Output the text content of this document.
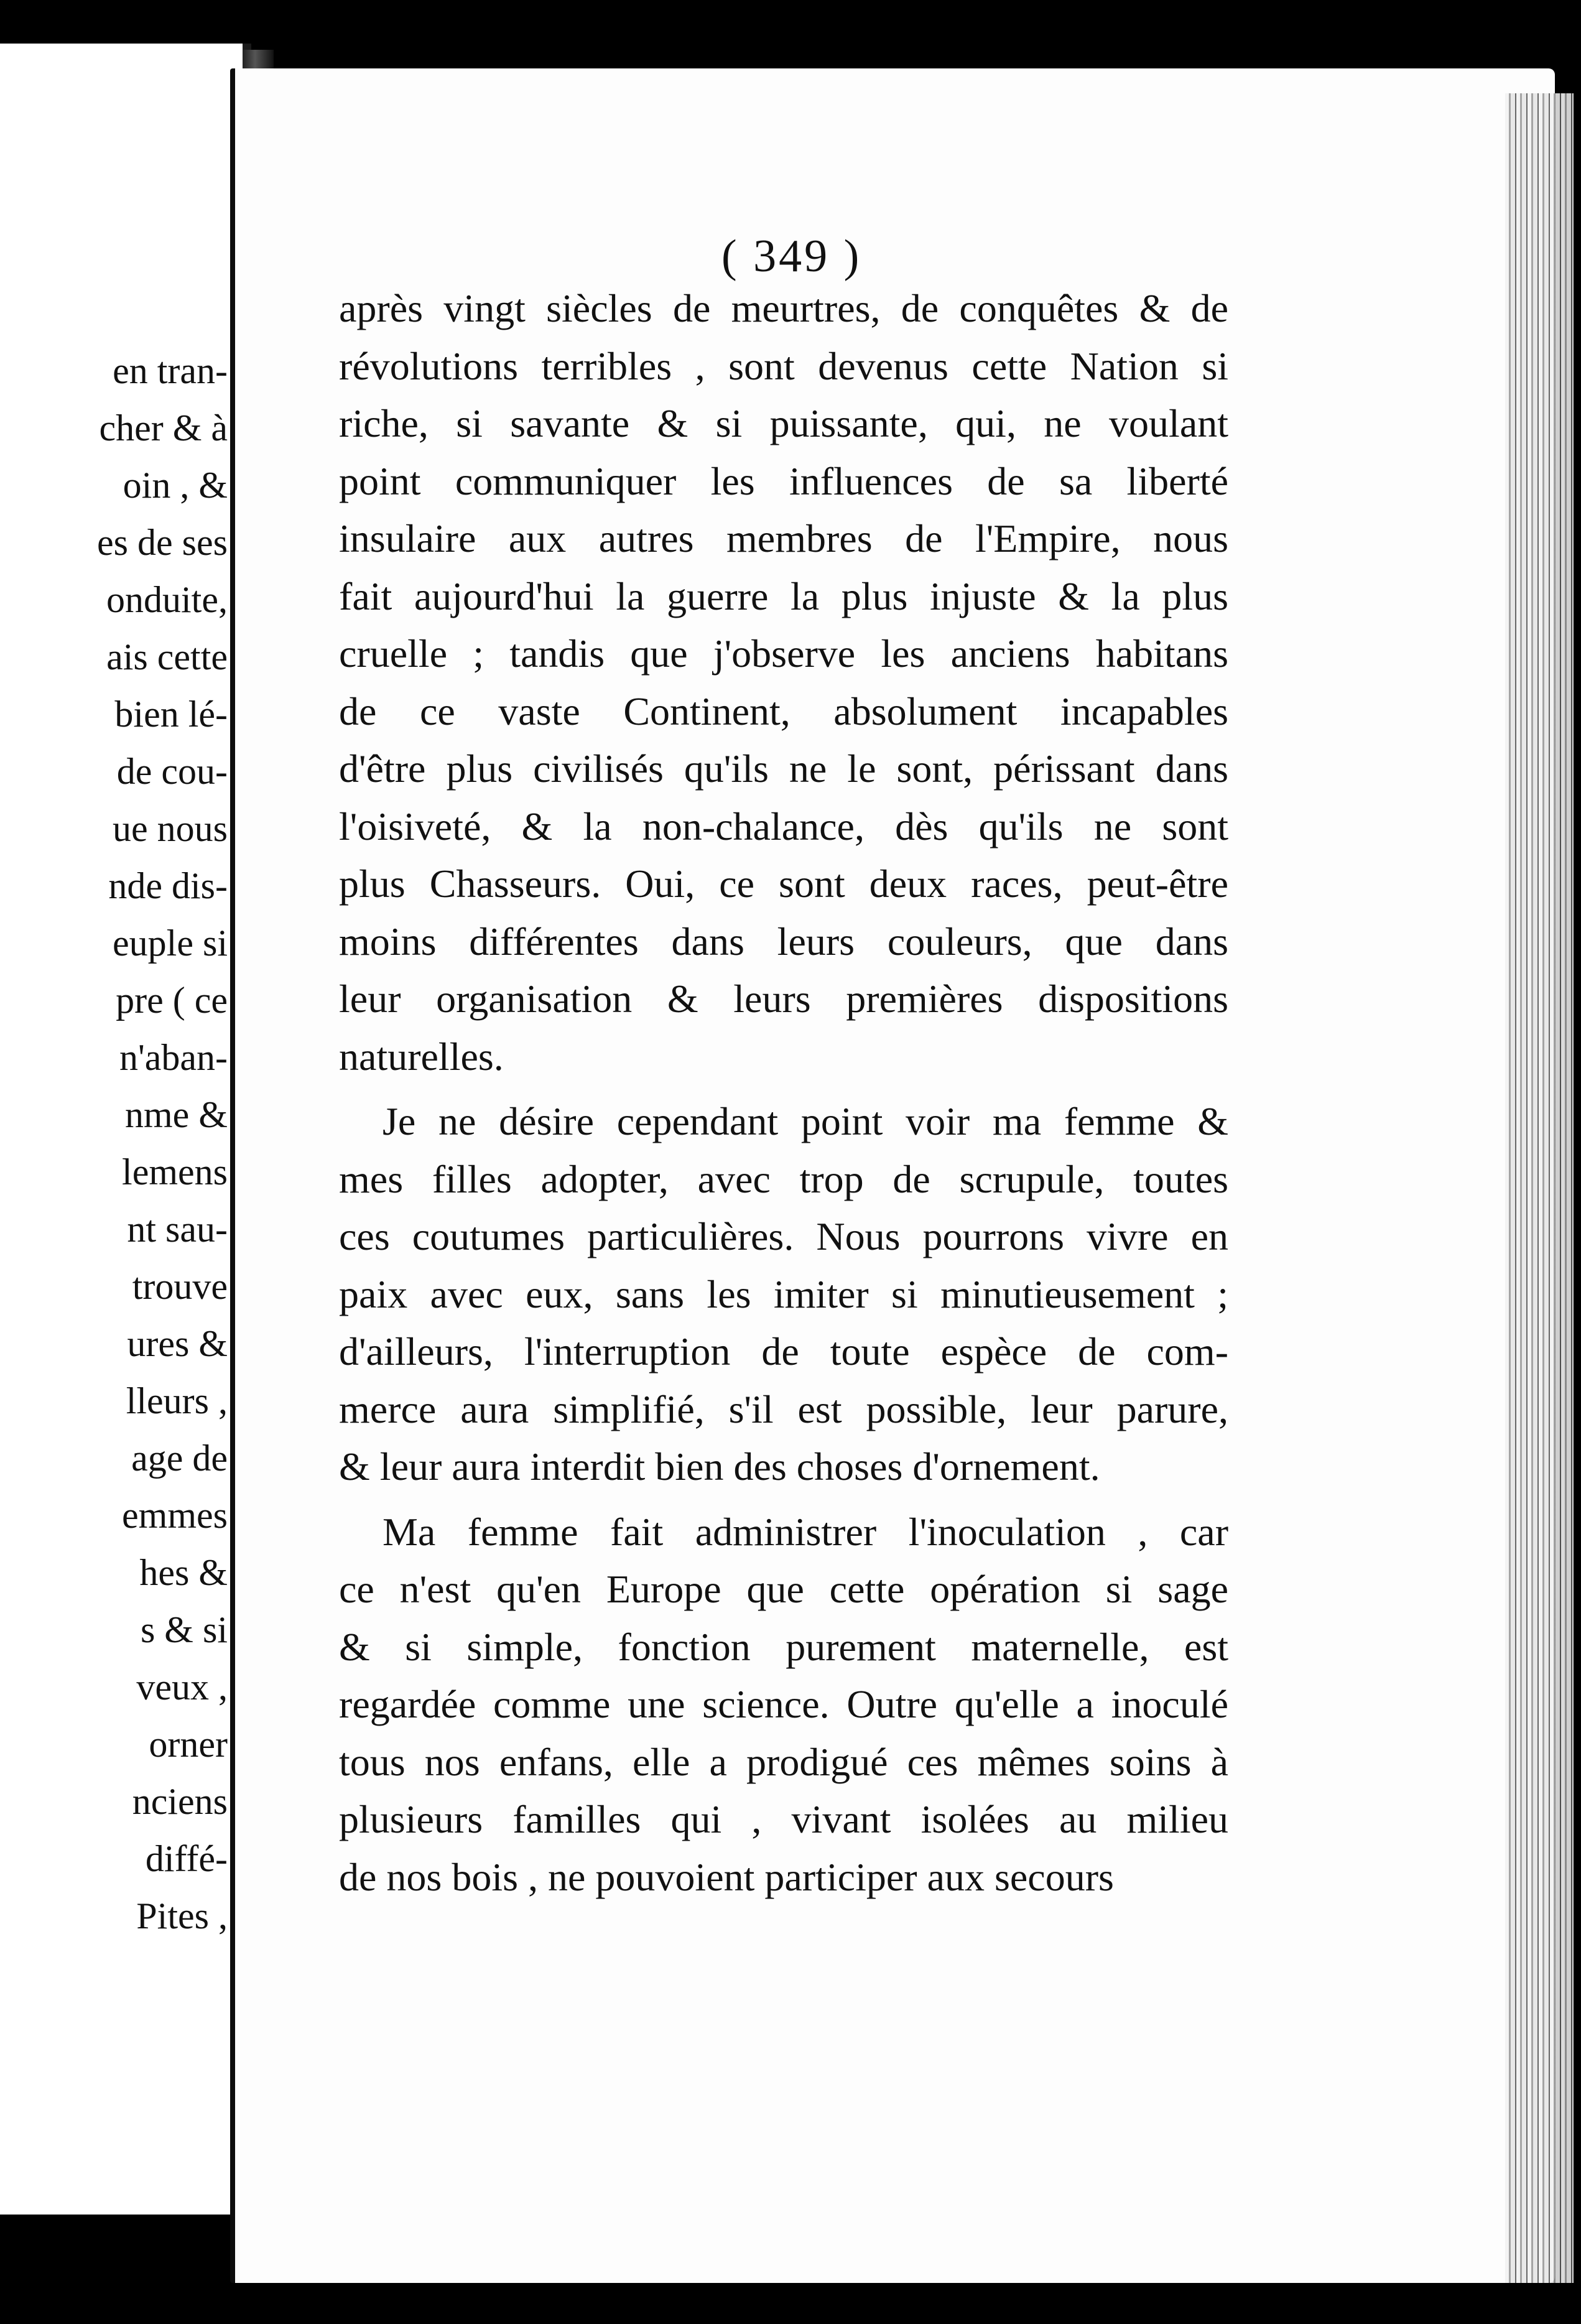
en tran-
cher & à
oin , &
es de ses
onduite,
ais cette
bien lé-
de cou-
ue nous
nde dis-
euple si
pre ( ce
n'aban-
nme &
lemens
nt sau-
trouve
ures &
lleurs ,
age de
emmes
hes &
s & si
veux ,
orner
nciens
diffé-
Pites ,
( 349 )
après vingt siècles de meurtres, de conquêtes & de
révolutions terribles , sont devenus cette Nation si
riche, si savante & si puissante, qui, ne voulant
point communiquer les influences de sa liberté
insulaire aux autres membres de l'Empire, nous
fait aujourd'hui la guerre la plus injuste & la plus
cruelle ; tandis que j'observe les anciens habitans
de ce vaste Continent, absolument incapables
d'être plus civilisés qu'ils ne le sont, périssant dans
l'oisiveté, & la non-chalance, dès qu'ils ne sont
plus Chasseurs. Oui, ce sont deux races, peut-être
moins différentes dans leurs couleurs, que dans
leur organisation & leurs premières dispositions
naturelles.
Je ne désire cependant point voir ma femme &
mes filles adopter, avec trop de scrupule, toutes
ces coutumes particulières. Nous pourrons vivre en
paix avec eux, sans les imiter si minutieusement ;
d'ailleurs, l'interruption de toute espèce de com-
merce aura simplifié, s'il est possible, leur parure,
& leur aura interdit bien des choses d'ornement.
Ma femme fait administrer l'inoculation , car
ce n'est qu'en Europe que cette opération si sage
& si simple, fonction purement maternelle, est
regardée comme une science. Outre qu'elle a inoculé
tous nos enfans, elle a prodigué ces mêmes soins à
plusieurs familles qui , vivant isolées au milieu
de nos bois , ne pouvoient participer aux secours
